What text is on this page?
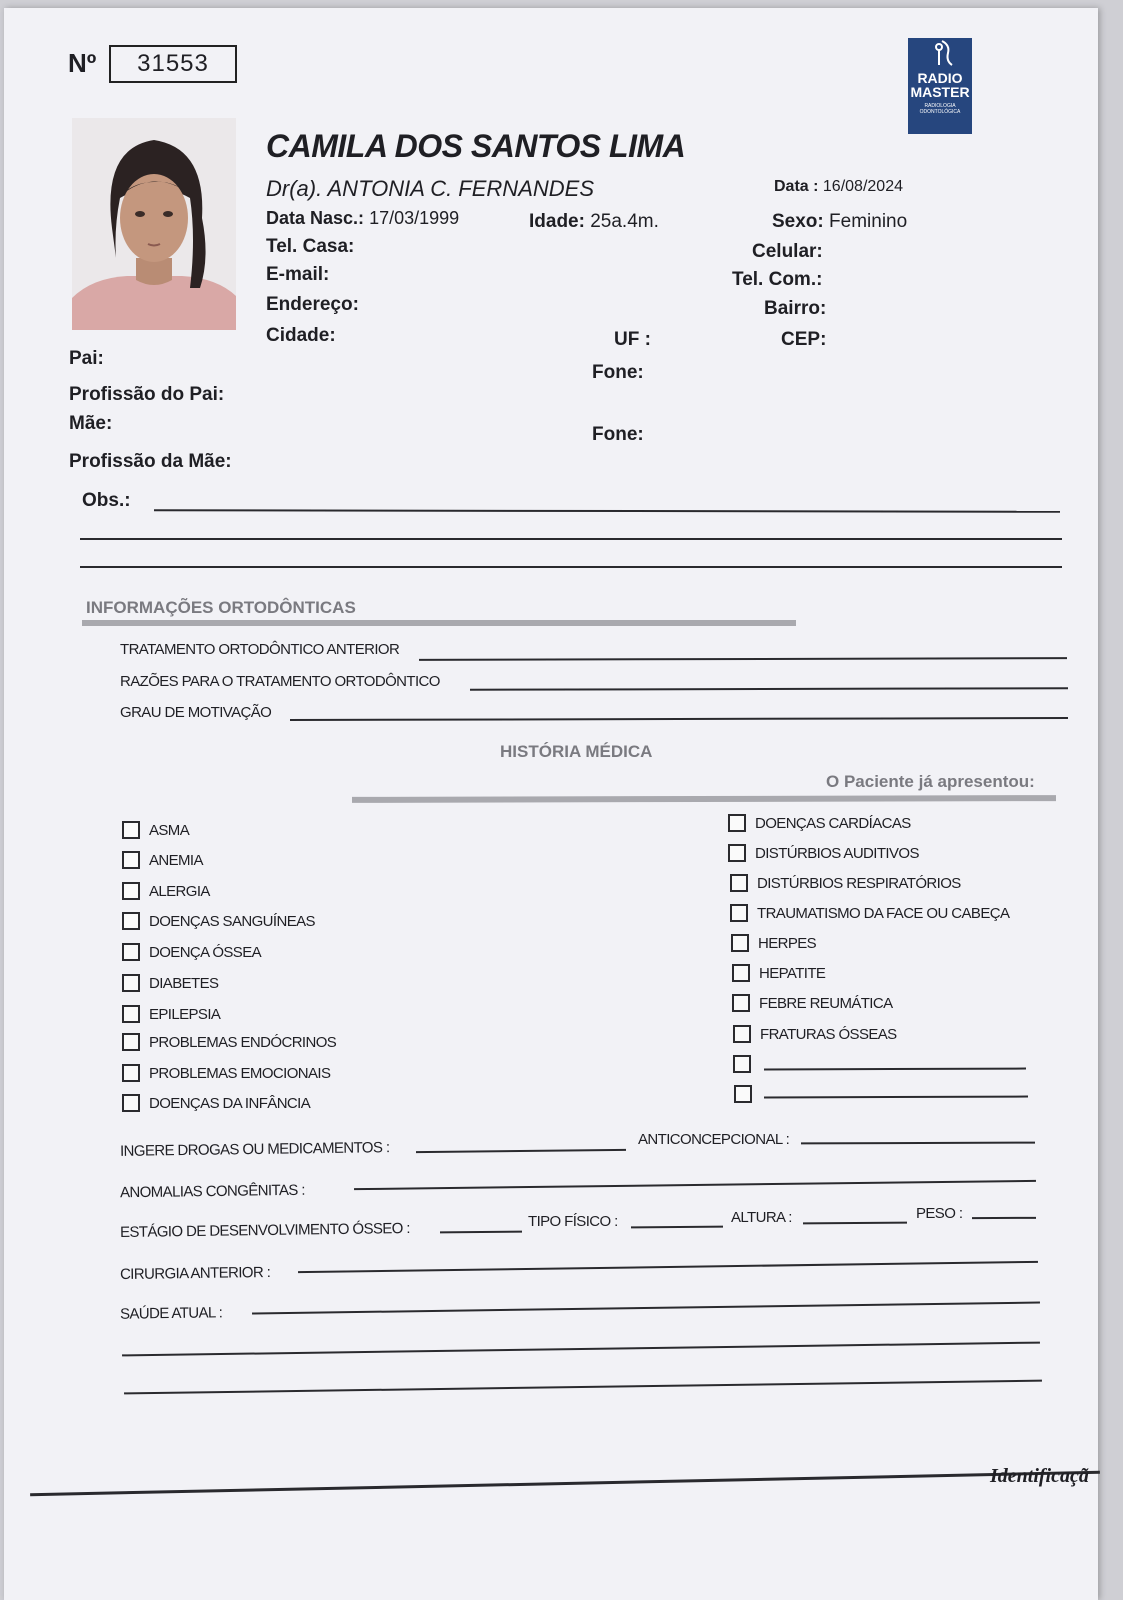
Nº 31553
RADIO
MASTER
RADIOLOGIA ODONTOLÓGICA
CAMILA DOS SANTOS LIMA
Dr(a). ANTONIA C. FERNANDES	Data : 16/08/2024
Data Nasc.: 17/03/1999	Idade: 25a.4m.	Sexo: Feminino
Tel. Casa:	Celular:
E-mail:	Tel. Com.:
Endereço:	Bairro:
Cidade:	UF :	CEP:
Pai:
Fone:
Profissão do Pai:
Mãe:
Fone:
Profissão da Mãe:
Obs.:
INFORMAÇÕES ORTODÔNTICAS
TRATAMENTO ORTODÔNTICO ANTERIOR
RAZÕES PARA O TRATAMENTO ORTODÔNTICO
GRAU DE MOTIVAÇÃO
HISTÓRIA MÉDICA
O Paciente já apresentou:
ASMA
ANEMIA
ALERGIA
DOENÇAS SANGUÍNEAS
DOENÇA ÓSSEA
DIABETES
EPILEPSIA
PROBLEMAS ENDÓCRINOS
PROBLEMAS EMOCIONAIS
DOENÇAS DA INFÂNCIA
DOENÇAS CARDÍACAS
DISTÚRBIOS AUDITIVOS
DISTÚRBIOS RESPIRATÓRIOS
TRAUMATISMO DA FACE OU CABEÇA
HERPES
HEPATITE
FEBRE REUMÁTICA
FRATURAS ÓSSEAS
INGERE DROGAS OU MEDICAMENTOS :	ANTICONCEPCIONAL :
ANOMALIAS CONGÊNITAS :
ESTÁGIO DE DESENVOLVIMENTO ÓSSEO :	TIPO FÍSICO :	ALTURA :	PESO :
CIRURGIA ANTERIOR :
SAÚDE ATUAL :
Identificaçã
